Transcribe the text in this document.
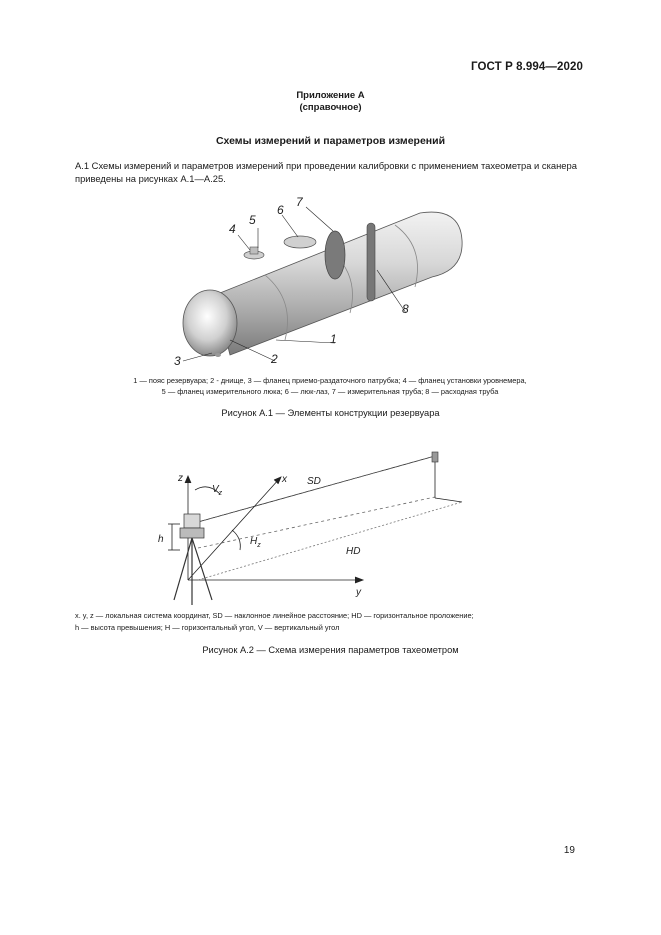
ГОСТ Р 8.994—2020
Приложение А
(справочное)
Схемы измерений и параметров измерений
А.1 Схемы измерений и параметров измерений при проведении калибровки с применением тахеометра и сканера приведены на рисунках А.1—А.25.
1
2
3
4
5
6
7
8
1 — пояс резервуара; 2 - днище, 3 — фланец приемо-раздаточного патрубка; 4 — фланец установки уровнемера,
5 — фланец измерительного люка; 6 — люк-лаз, 7 — измерительная труба; 8 — расходная труба
Рисунок А.1 — Элементы конструкции резервуара
z	x
y
h
SD
HD
$V_z$
$H_z$
x. y, z — локальная система координат, SD — наклонное линейное расстояние; HD — горизонтальное проложение;
h — высота превышения; H — горизонтальный угол, V — вертикальный угол
Рисунок А.2 — Схема измерения параметров тахеометром
19
